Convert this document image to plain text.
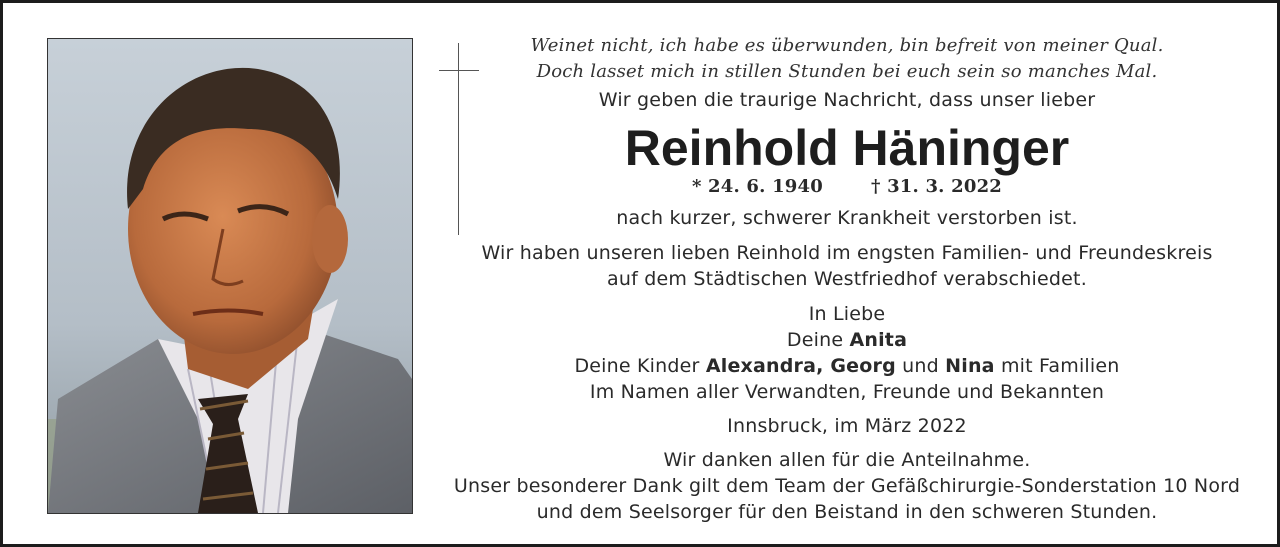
Weinet nicht, ich habe es überwunden, bin befreit von meiner Qual.
Doch lasset mich in stillen Stunden bei euch sein so manches Mal.
Wir geben die traurige Nachricht, dass unser lieber
Reinhold Häninger
* 24. 6. 1940	† 31. 3. 2022
nach kurzer, schwerer Krankheit verstorben ist.
Wir haben unseren lieben Reinhold im engsten Familien- und Freundeskreis
auf dem Städtischen Westfriedhof verabschiedet.
In Liebe
Deine Anita
Deine Kinder Alexandra, Georg und Nina mit Familien
Im Namen aller Verwandten, Freunde und Bekannten
Innsbruck, im März 2022
Wir danken allen für die Anteilnahme.
Unser besonderer Dank gilt dem Team der Gefäßchirurgie-Sonderstation 10 Nord
und dem Seelsorger für den Beistand in den schweren Stunden.
